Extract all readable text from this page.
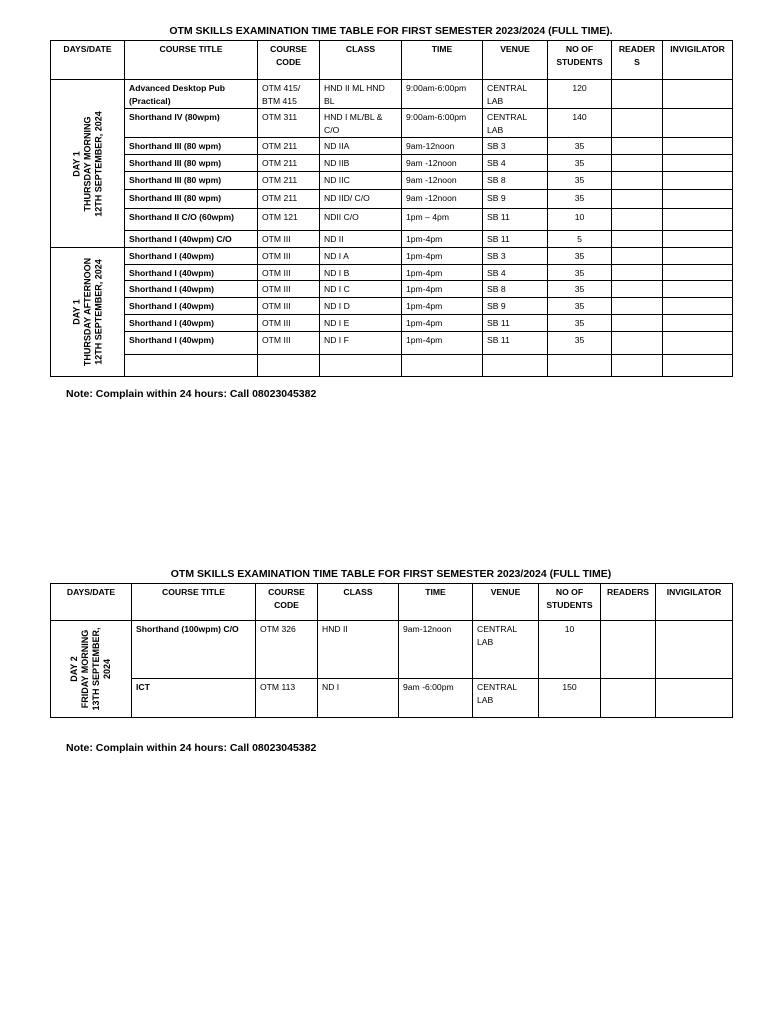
OTM SKILLS EXAMINATION TIME TABLE FOR FIRST SEMESTER 2023/2024 (FULL TIME).
DAYS/DATE	COURSE TITLE	COURSE CODE	CLASS	TIME	VENUE	NO OF STUDENTS	READERS	INVIGILATOR

DAY 1 THURSDAY MORNING 12TH SEPTEMBER, 2024	Advanced Desktop Pub (Practical)	OTM 415/ BTM 415	HND II ML HND BL	9:00am-6:00pm	CENTRAL LAB	120		
	Shorthand IV (80wpm)	OTM 311	HND I ML/BL & C/O	9:00am-6:00pm	CENTRAL LAB	140		
	Shorthand III (80 wpm)	OTM 211	ND IIA	9am-12noon	SB 3	35		
	Shorthand III (80 wpm)	OTM 211	ND IIB	9am -12noon	SB 4	35		
	Shorthand III (80 wpm)	OTM 211	ND IIC	9am -12noon	SB 8	35		
	Shorthand III (80 wpm)	OTM 211	ND IID/ C/O	9am -12noon	SB 9	35		
	Shorthand II C/O (60wpm)	OTM 121	NDII C/O	1pm – 4pm	SB 11	10		
	Shorthand I (40wpm) C/O	OTM III	ND II	1pm-4pm	SB 11	5		

DAY 1 THURSDAY AFTERNOON 12TH SEPTEMBER, 2024	Shorthand I (40wpm)	OTM III	ND I A	1pm-4pm	SB 3	35		
	Shorthand I (40wpm)	OTM III	ND I B	1pm-4pm	SB 4	35		
	Shorthand I (40wpm)	OTM III	ND I C	1pm-4pm	SB 8	35		
	Shorthand I (40wpm)	OTM III	ND I D	1pm-4pm	SB 9	35		
	Shorthand I (40wpm)	OTM III	ND I E	1pm-4pm	SB 11	35		
	Shorthand I (40wpm)	OTM III	ND I F	1pm-4pm	SB 11	35		

Note: Complain within 24 hours: Call 08023045382
OTM SKILLS EXAMINATION TIME TABLE FOR FIRST SEMESTER 2023/2024 (FULL TIME)
DAYS/DATE	COURSE TITLE	COURSE CODE	CLASS	TIME	VENUE	NO OF STUDENTS	READERS	INVIGILATOR

DAY 2 FRIDAY MORNING 13TH SEPTEMBER, 2024	Shorthand (100wpm) C/O	OTM 326	HND II	9am-12noon	CENTRAL LAB	10		
	ICT	OTM 113	ND I	9am -6:00pm	CENTRAL LAB	150		
Note: Complain within 24 hours: Call 08023045382
